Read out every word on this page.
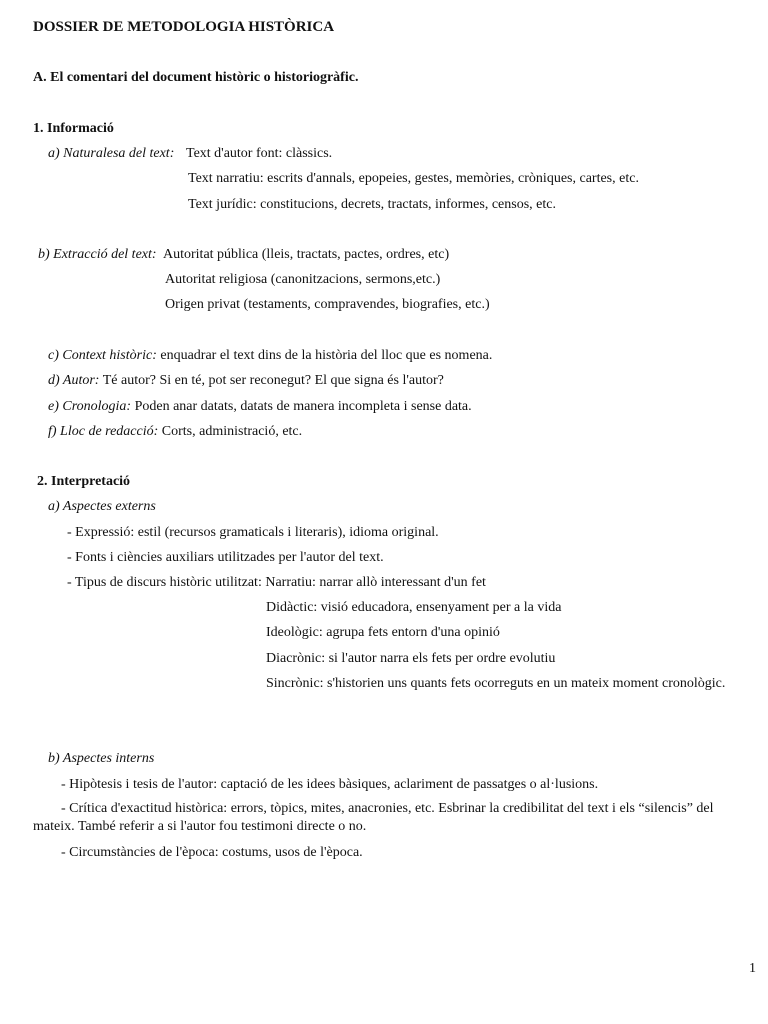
DOSSIER DE METODOLOGIA HISTÒRICA
A. El comentari del document històric o historiogràfic.
1. Informació
a) Naturalesa del text: Text d'autor font: clàssics.
Text narratiu: escrits d'annals, epopeies, gestes, memòries, cròniques, cartes, etc.
Text jurídic: constitucions, decrets, tractats, informes, censos, etc.
b) Extracció del text: Autoritat pública (lleis, tractats, pactes, ordres, etc)
Autoritat religiosa (canonitzacions, sermons,etc.)
Origen privat (testaments, compravendes, biografies, etc.)
c) Context històric: enquadrar el text dins de la història del lloc que es nomena.
d) Autor: Té autor? Si en té, pot ser reconegut? El que signa és l'autor?
e) Cronologia: Poden anar datats, datats de manera incompleta i sense data.
f) Lloc de redacció: Corts, administració, etc.
2. Interpretació
a) Aspectes externs
- Expressió: estil (recursos gramaticals i literaris), idioma original.
- Fonts i ciències auxiliars utilitzades per l'autor del text.
- Tipus de discurs històric utilitzat: Narratiu: narrar allò interessant d'un fet
Didàctic: visió educadora, ensenyament per a la vida
Ideològic: agrupa fets entorn d'una opinió
Diacrònic: si l'autor narra els fets per ordre evolutiu
Sincrònic: s'historien uns quants fets ocorreguts en un mateix moment cronològic.
b) Aspectes interns
- Hipòtesis i tesis de l'autor: captació de les idees bàsiques, aclariment de passatges o al·lusions.
- Crítica d'exactitud històrica: errors, tòpics, mites, anacronies, etc. Esbrinar la credibilitat del text i els “silencis” del
mateix. També referir a si l'autor fou testimoni directe o no.
- Circumstàncies de l'època: costums, usos de l'època.
1
